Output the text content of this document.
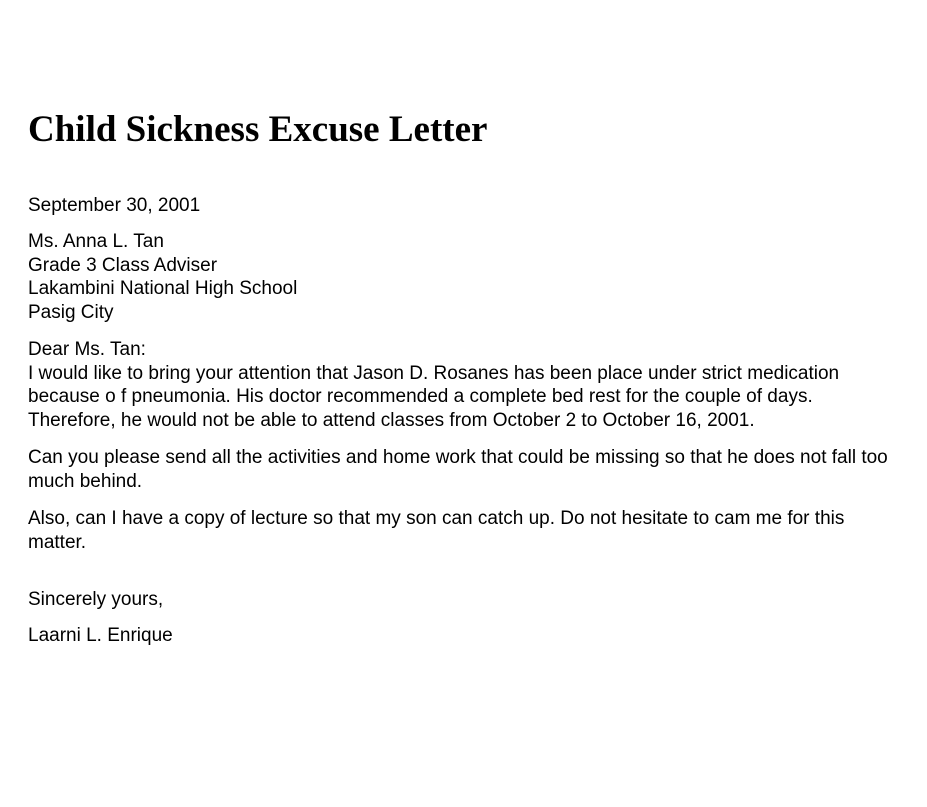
Child Sickness Excuse Letter
September 30, 2001
Ms. Anna L. Tan
Grade 3 Class Adviser
Lakambini National High School
Pasig City

Dear Ms. Tan:

I would like to bring your attention that Jason D. Rosanes has been place under strict medication because o f pneumonia. His doctor recommended a complete bed rest for the couple of days. Therefore, he would not be able to attend classes from October 2 to October 16, 2001.

Can you please send all the activities and home work that could be missing so that he does not fall too much behind.

Also, can I have a copy of lecture so that my son can catch up. Do not hesitate to cam me for this matter.

Sincerely yours,
Laarni L. Enrique
